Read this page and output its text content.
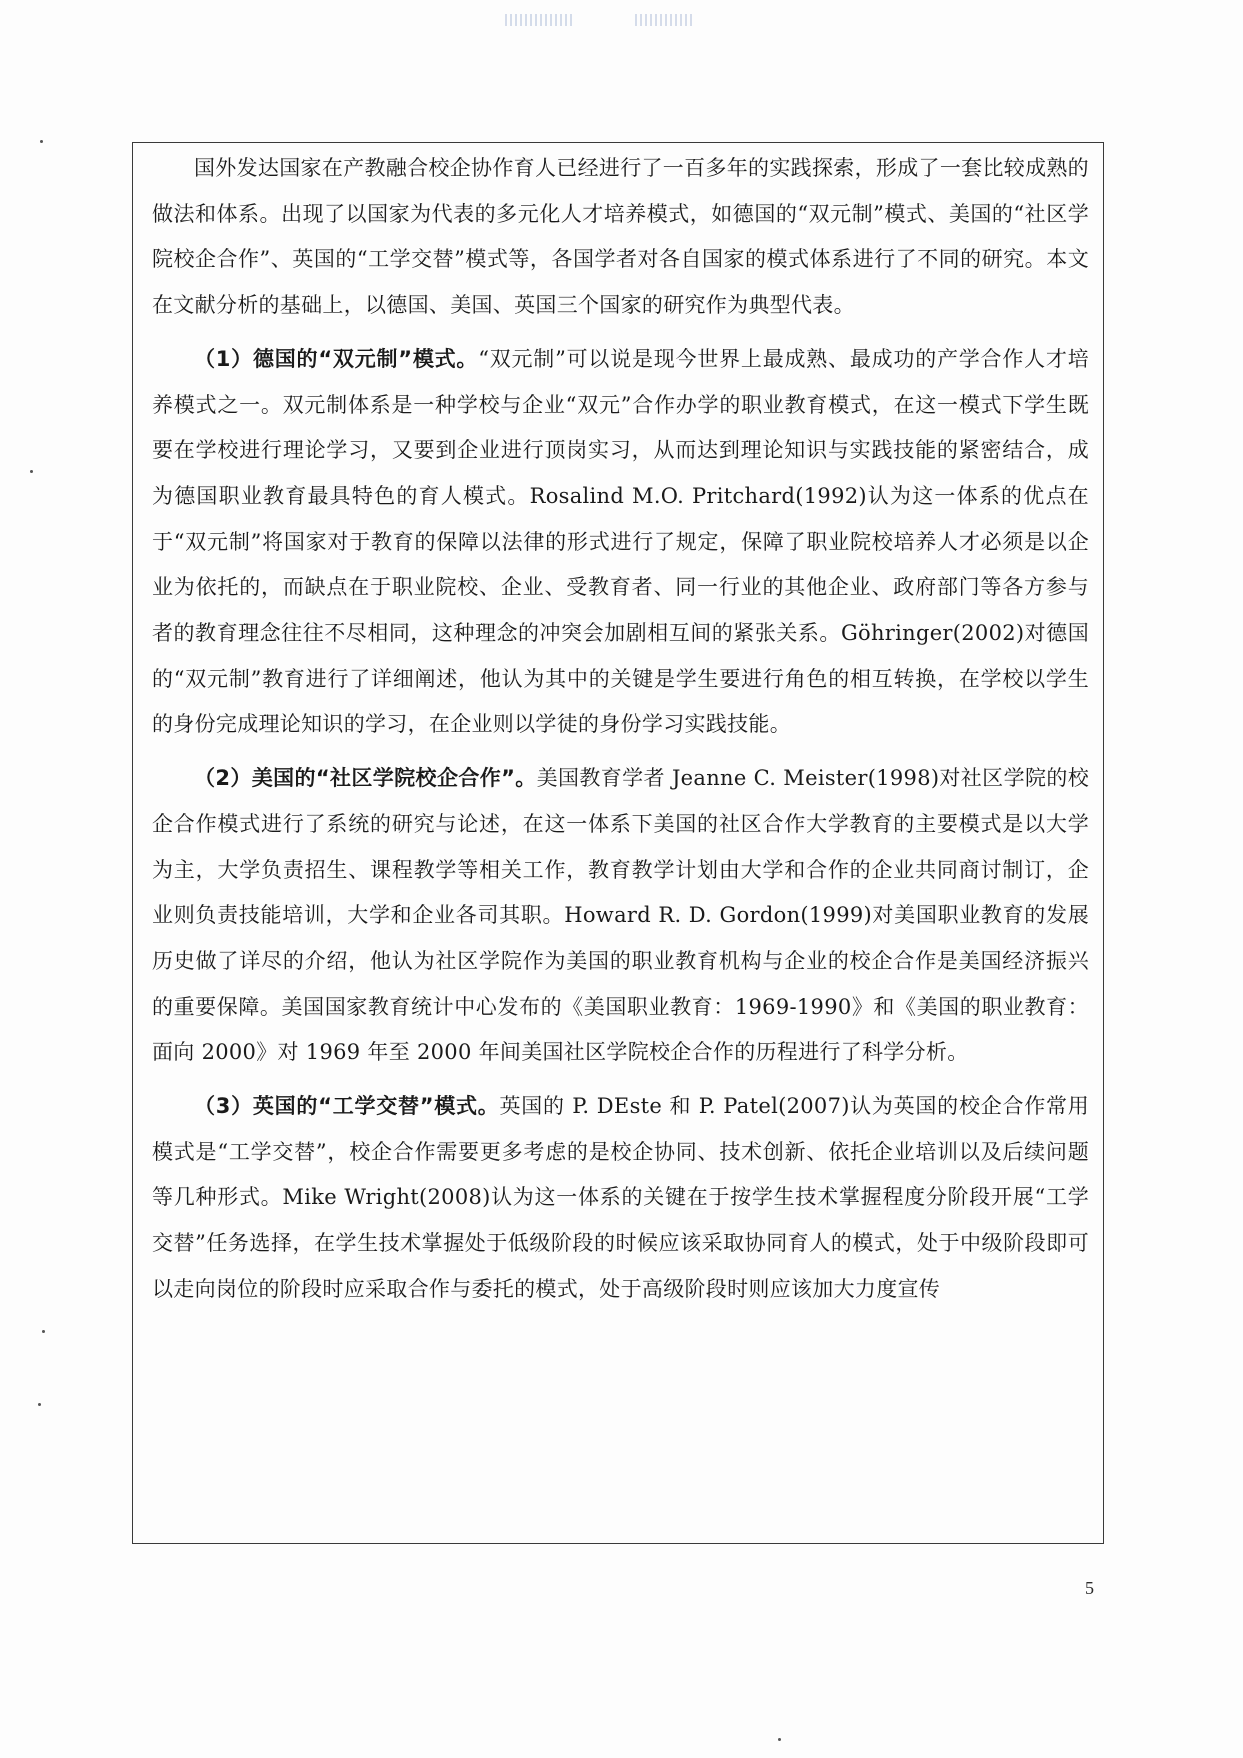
国外发达国家在产教融合校企协作育人已经进行了一百多年的实践探索，形成了一套比较成熟的做法和体系。出现了以国家为代表的多元化人才培养模式，如德国的“双元制”模式、美国的“社区学院校企合作”、英国的“工学交替”模式等，各国学者对各自国家的模式体系进行了不同的研究。本文在文献分析的基础上，以德国、美国、英国三个国家的研究作为典型代表。

（1）德国的“双元制”模式。“双元制”可以说是现今世界上最成熟、最成功的产学合作人才培养模式之一。双元制体系是一种学校与企业“双元”合作办学的职业教育模式，在这一模式下学生既要在学校进行理论学习，又要到企业进行顶岗实习，从而达到理论知识与实践技能的紧密结合，成为德国职业教育最具特色的育人模式。Rosalind M.O. Pritchard(1992)认为这一体系的优点在于“双元制”将国家对于教育的保障以法律的形式进行了规定，保障了职业院校培养人才必须是以企业为依托的，而缺点在于职业院校、企业、受教育者、同一行业的其他企业、政府部门等各方参与者的教育理念往往不尽相同，这种理念的冲突会加剧相互间的紧张关系。Göhringer(2002)对德国的“双元制”教育进行了详细阐述，他认为其中的关键是学生要进行角色的相互转换，在学校以学生的身份完成理论知识的学习，在企业则以学徒的身份学习实践技能。

（2）美国的“社区学院校企合作”。美国教育学者 Jeanne C. Meister(1998)对社区学院的校企合作模式进行了系统的研究与论述，在这一体系下美国的社区合作大学教育的主要模式是以大学为主，大学负责招生、课程教学等相关工作，教育教学计划由大学和合作的企业共同商讨制订，企业则负责技能培训，大学和企业各司其职。Howard R. D. Gordon(1999)对美国职业教育的发展历史做了详尽的介绍，他认为社区学院作为美国的职业教育机构与企业的校企合作是美国经济振兴的重要保障。美国国家教育统计中心发布的《美国职业教育：1969-1990》和《美国的职业教育：面向 2000》对 1969 年至 2000 年间美国社区学院校企合作的历程进行了科学分析。

（3）英国的“工学交替”模式。英国的 P. DEste 和 P. Patel(2007)认为英国的校企合作常用模式是“工学交替”，校企合作需要更多考虑的是校企协同、技术创新、依托企业培训以及后续问题等几种形式。Mike Wright(2008)认为这一体系的关键在于按学生技术掌握程度分阶段开展“工学交替”任务选择，在学生技术掌握处于低级阶段的时候应该采取协同育人的模式，处于中级阶段即可以走向岗位的阶段时应采取合作与委托的模式，处于高级阶段时则应该加大力度宣传

5
